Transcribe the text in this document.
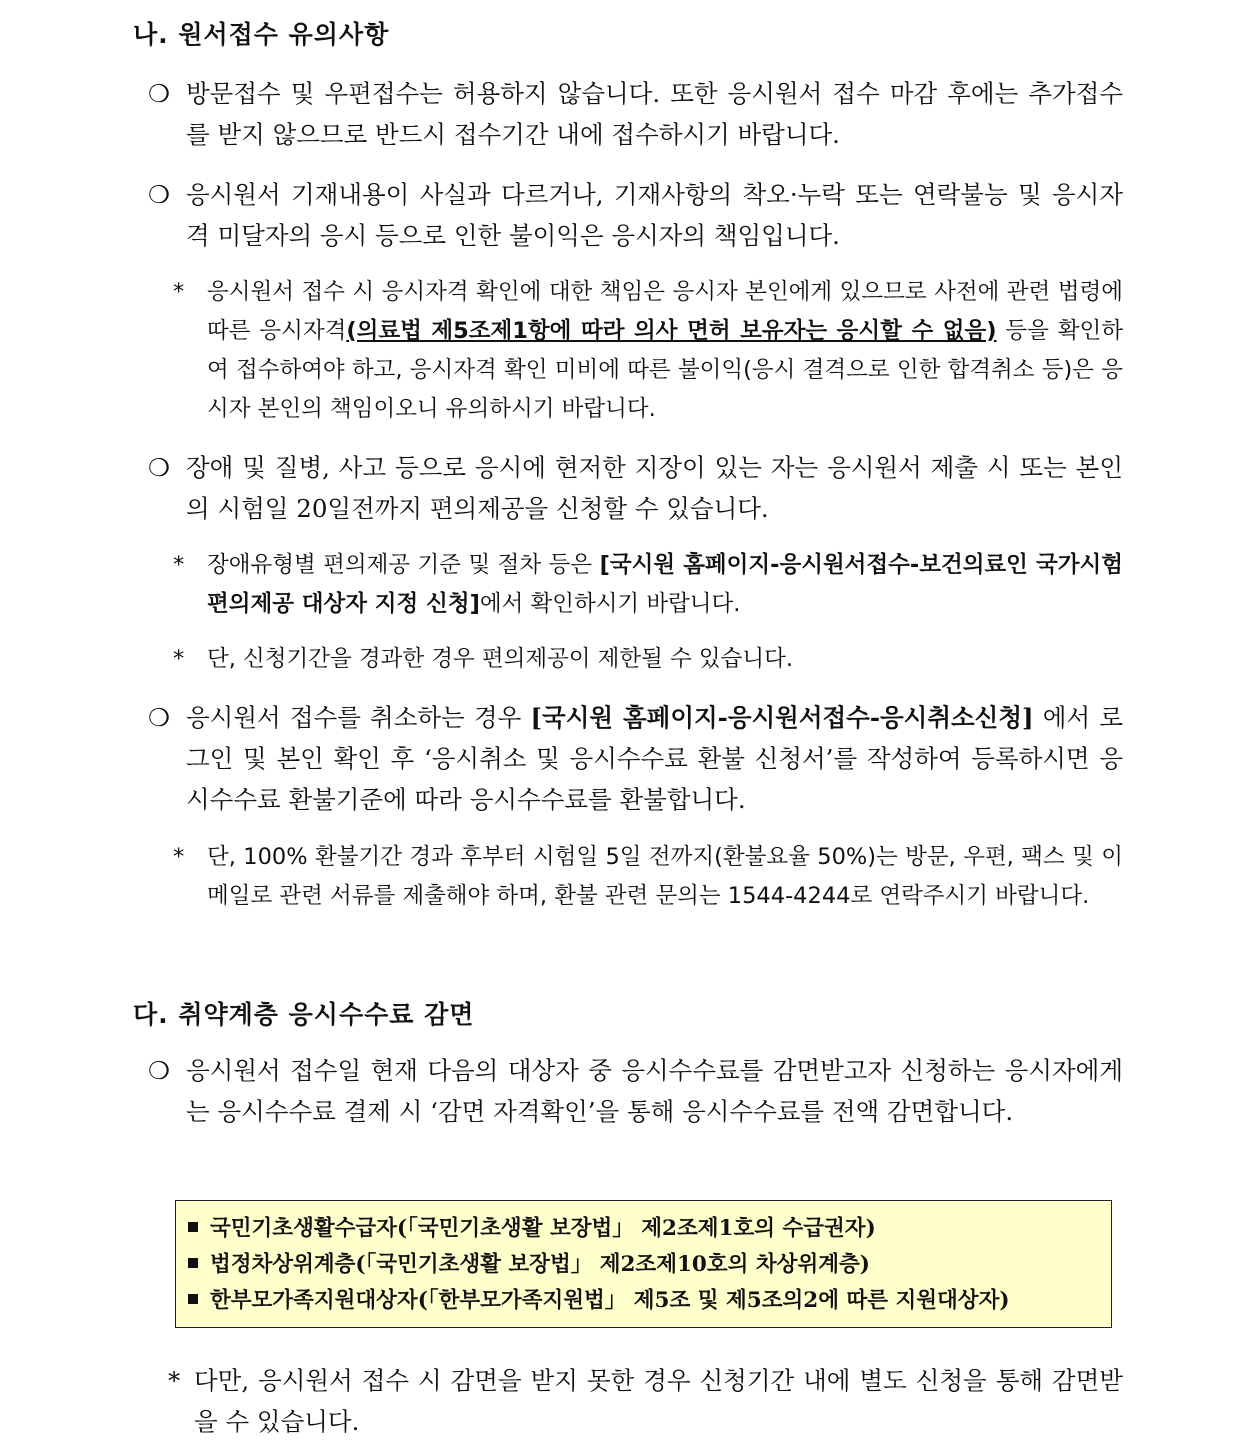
나. 원서접수 유의사항
❍ 방문접수 및 우편접수는 허용하지 않습니다. 또한 응시원서 접수 마감 후에는 추가접수를 받지 않으므로 반드시 접수기간 내에 접수하시기 바랍니다.
❍ 응시원서 기재내용이 사실과 다르거나, 기재사항의 착오·누락 또는 연락불능 및 응시자격 미달자의 응시 등으로 인한 불이익은 응시자의 책임입니다.
* 응시원서 접수 시 응시자격 확인에 대한 책임은 응시자 본인에게 있으므로 사전에 관련 법령에 따른 응시자격(의료법 제5조제1항에 따라 의사 면허 보유자는 응시할 수 없음) 등을 확인하여 접수하여야 하고, 응시자격 확인 미비에 따른 불이익(응시 결격으로 인한 합격취소 등)은 응시자 본인의 책임이오니 유의하시기 바랍니다.
❍ 장애 및 질병, 사고 등으로 응시에 현저한 지장이 있는 자는 응시원서 제출 시 또는 본인의 시험일 20일전까지 편의제공을 신청할 수 있습니다.
* 장애유형별 편의제공 기준 및 절차 등은 [국시원 홈페이지-응시원서접수-보건의료인 국가시험 편의제공 대상자 지정 신청]에서 확인하시기 바랍니다.
* 단, 신청기간을 경과한 경우 편의제공이 제한될 수 있습니다.
❍ 응시원서 접수를 취소하는 경우 [국시원 홈페이지-응시원서접수-응시취소신청] 에서 로그인 및 본인 확인 후 ‘응시취소 및 응시수수료 환불 신청서’를 작성하여 등록하시면 응시수수료 환불기준에 따라 응시수수료를 환불합니다.
* 단, 100% 환불기간 경과 후부터 시험일 5일 전까지(환불요율 50%)는 방문, 우편, 팩스 및 이메일로 관련 서류를 제출해야 하며, 환불 관련 문의는 1544-4244로 연락주시기 바랍니다.
다. 취약계층 응시수수료 감면
❍ 응시원서 접수일 현재 다음의 대상자 중 응시수수료를 감면받고자 신청하는 응시자에게는 응시수수료 결제 시 ‘감면 자격확인’을 통해 응시수수료를 전액 감면합니다.
국민기초생활수급자(「국민기초생활 보장법」 제2조제1호의 수급권자)
법정차상위계층(「국민기초생활 보장법」 제2조제10호의 차상위계층)
한부모가족지원대상자(「한부모가족지원법」 제5조 및 제5조의2에 따른 지원대상자)
* 다만, 응시원서 접수 시 감면을 받지 못한 경우 신청기간 내에 별도 신청을 통해 감면받을 수 있습니다.
